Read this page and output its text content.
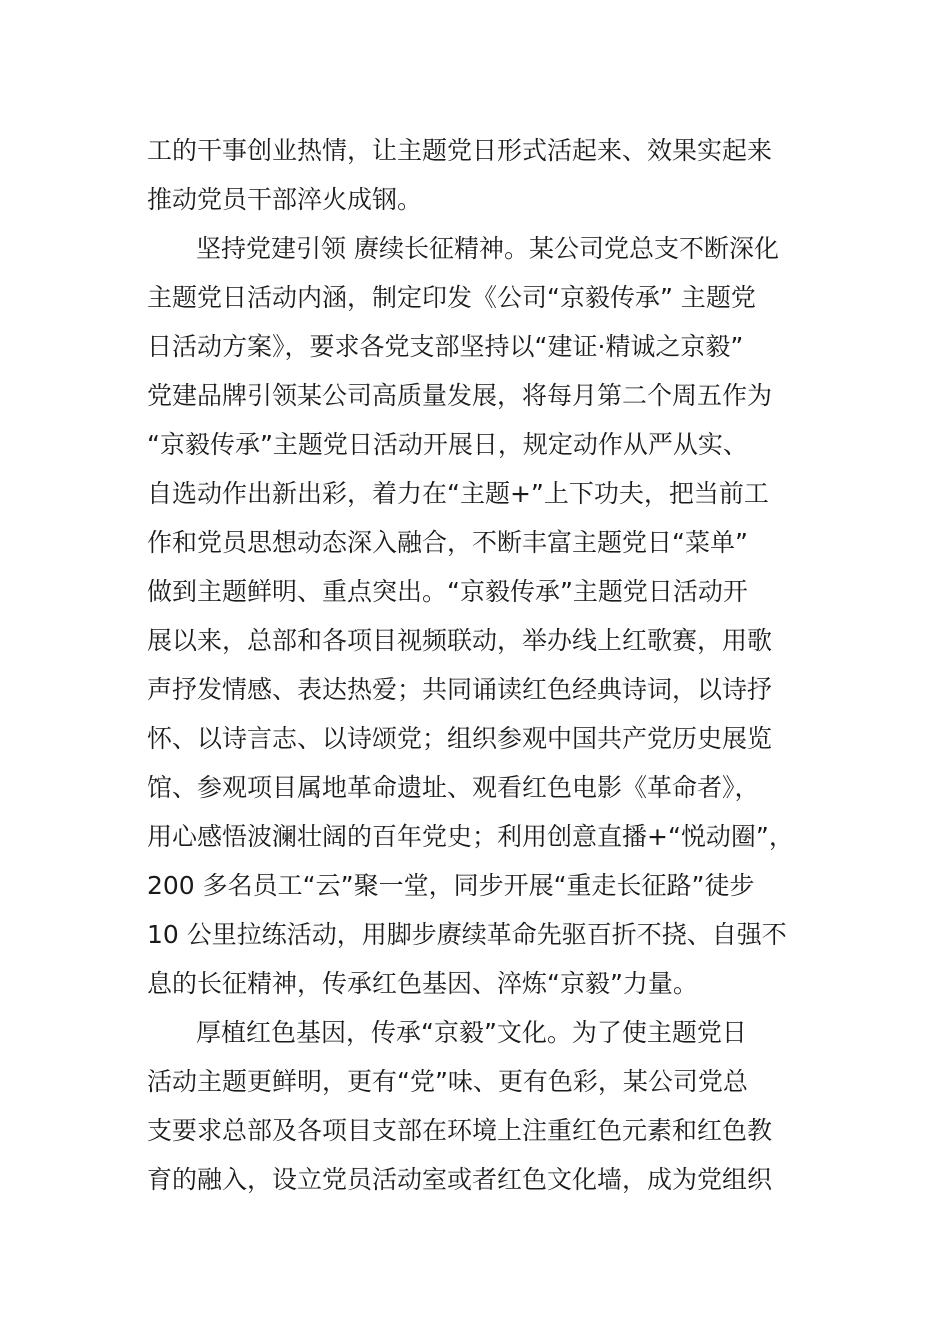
工的干事创业热情，让主题党日形式活起来、效果实起来
推动党员干部淬火成钢。
坚持党建引领 赓续长征精神。某公司党总支不断深化
主题党日活动内涵，制定印发《公司“京毅传承” 主题党
日活动方案》，要求各党支部坚持以“建证·精诚之京毅”
党建品牌引领某公司高质量发展，将每月第二个周五作为
“京毅传承”主题党日活动开展日，规定动作从严从实、
自选动作出新出彩，着力在“主题+”上下功夫，把当前工
作和党员思想动态深入融合，不断丰富主题党日“菜单”
做到主题鲜明、重点突出。“京毅传承”主题党日活动开
展以来，总部和各项目视频联动，举办线上红歌赛，用歌
声抒发情感、表达热爱；共同诵读红色经典诗词，以诗抒
怀、以诗言志、以诗颂党；组织参观中国共产党历史展览
馆、参观项目属地革命遗址、观看红色电影《革命者》，
用心感悟波澜壮阔的百年党史；利用创意直播+“悦动圈”，
200 多名员工“云”聚一堂，同步开展“重走长征路”徒步
10 公里拉练活动，用脚步赓续革命先驱百折不挠、自强不
息的长征精神，传承红色基因、淬炼“京毅”力量。
厚植红色基因，传承“京毅”文化。为了使主题党日
活动主题更鲜明，更有“党”味、更有色彩，某公司党总
支要求总部及各项目支部在环境上注重红色元素和红色教
育的融入，设立党员活动室或者红色文化墙，成为党组织
